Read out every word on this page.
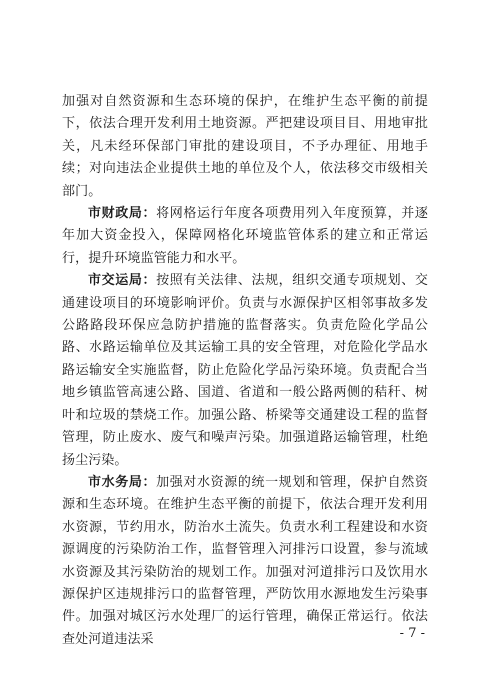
加强对自然资源和生态环境的保护，在维护生态平衡的前提下，依法合理开发利用土地资源。严把建设项目目、用地审批关，凡未经环保部门审批的建设项目，不予办理征、用地手续；对向违法企业提供土地的单位及个人，依法移交市级相关部门。

市财政局：将网格运行年度各项费用列入年度预算，并逐年加大资金投入，保障网格化环境监管体系的建立和正常运行，提升环境监管能力和水平。

市交运局：按照有关法律、法规，组织交通专项规划、交通建设项目的环境影响评价。负责与水源保护区相邻事故多发公路路段环保应急防护措施的监督落实。负责危险化学品公路、水路运输单位及其运输工具的安全管理，对危险化学品水路运输安全实施监督，防止危险化学品污染环境。负责配合当地乡镇监管高速公路、国道、省道和一般公路两侧的秸秆、树叶和垃圾的禁烧工作。加强公路、桥梁等交通建设工程的监督管理，防止废水、废气和噪声污染。加强道路运输管理，杜绝扬尘污染。

市水务局：加强对水资源的统一规划和管理，保护自然资源和生态环境。在维护生态平衡的前提下，依法合理开发利用水资源，节约用水，防治水土流失。负责水利工程建设和水资源调度的污染防治工作，监督管理入河排污口设置，参与流域水资源及其污染防治的规划工作。加强对河道排污口及饮用水源保护区违规排污口的监督管理，严防饮用水源地发生污染事件。加强对城区污水处理厂的运行管理，确保正常运行。依法查处河道违法采	- 7 -
